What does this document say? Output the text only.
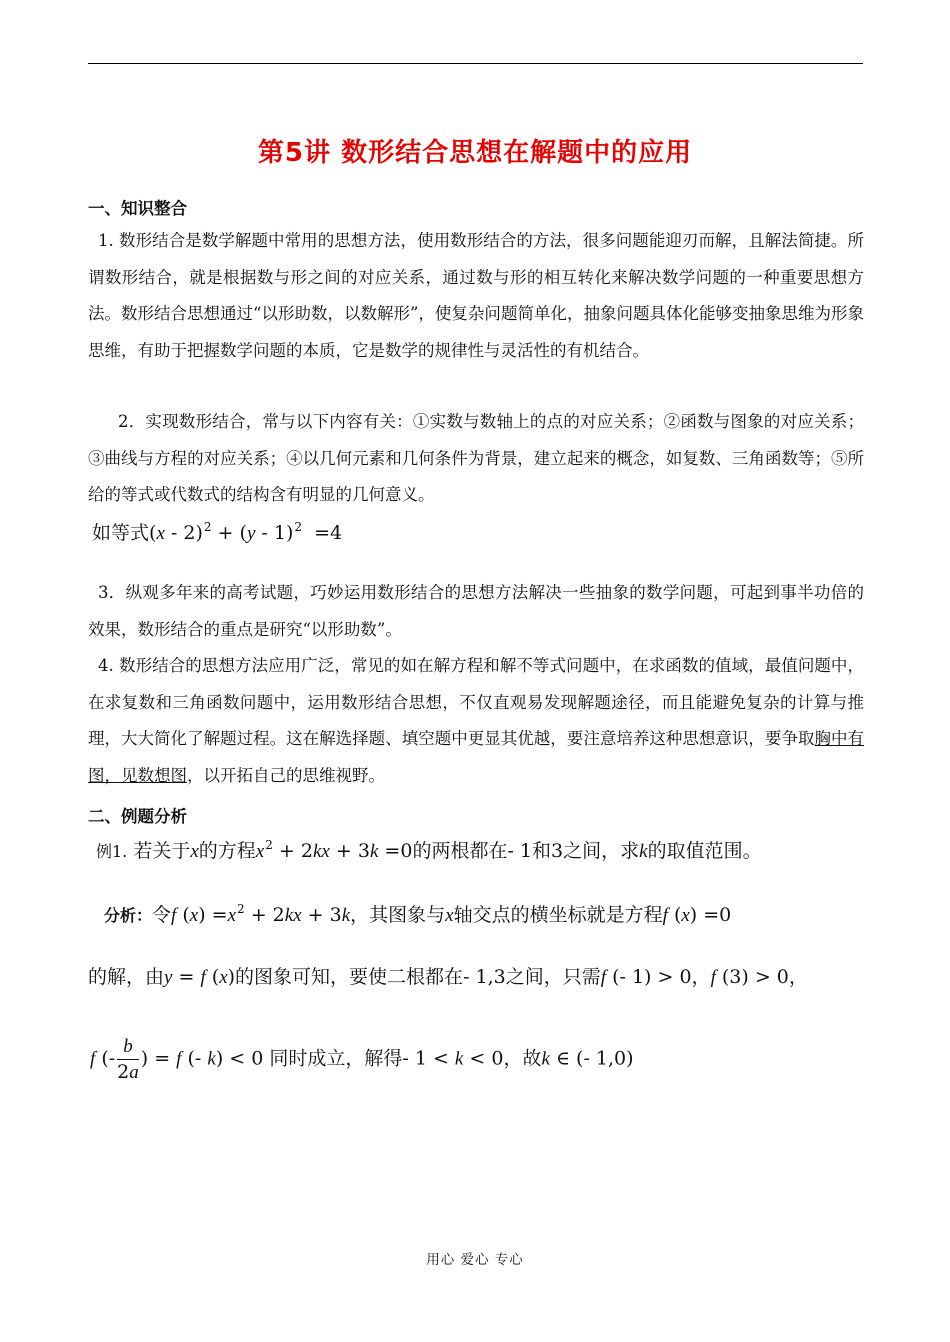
第5讲 数形结合思想在解题中的应用
一、知识整合
1. 数形结合是数学解题中常用的思想方法，使用数形结合的方法，很多问题能迎刃而解，且解法简捷。所谓数形结合，就是根据数与形之间的对应关系，通过数与形的相互转化来解决数学问题的一种重要思想方法。数形结合思想通过“以形助数，以数解形”，使复杂问题简单化，抽象问题具体化能够变抽象思维为形象思维，有助于把握数学问题的本质，它是数学的规律性与灵活性的有机结合。
2．实现数形结合，常与以下内容有关：①实数与数轴上的点的对应关系；②函数与图象的对应关系；③曲线与方程的对应关系；④以几何元素和几何条件为背景，建立起来的概念，如复数、三角函数等；⑤所给的等式或代数式的结构含有明显的几何意义。
如等式(x - 2)$^2$ + (y - 1)$^2$  =4
3．纵观多年来的高考试题，巧妙运用数形结合的思想方法解决一些抽象的数学问题，可起到事半功倍的效果，数形结合的重点是研究“以形助数”。
4. 数形结合的思想方法应用广泛，常见的如在解方程和解不等式问题中，在求函数的值域，最值问题中，在求复数和三角函数问题中，运用数形结合思想，不仅直观易发现解题途径，而且能避免复杂的计算与推理，大大简化了解题过程。这在解选择题、填空题中更显其优越，要注意培养这种思想意识，要争取胸中有图，见数想图，以开拓自己的思维视野。
二、例题分析
例1. 若关于x的方程$x^2 + 2kx + 3k =0$的两根都在- 1和3之间，求k的取值范围。
分析：令f $(x) =x^2 + 2kx + 3k$，其图象与x轴交点的横坐标就是方程f (x) =0
的解，由y = f (x)的图象可知，要使二根都在- 1,3之间，只需f (- 1) > 0，f (3) > 0，
f (- $\frac{b}{2a}$ ) = f (- k) < 0 同时成立，解得- 1 < k < 0，故k ∈ (- 1,0)
用心 爱心 专心
